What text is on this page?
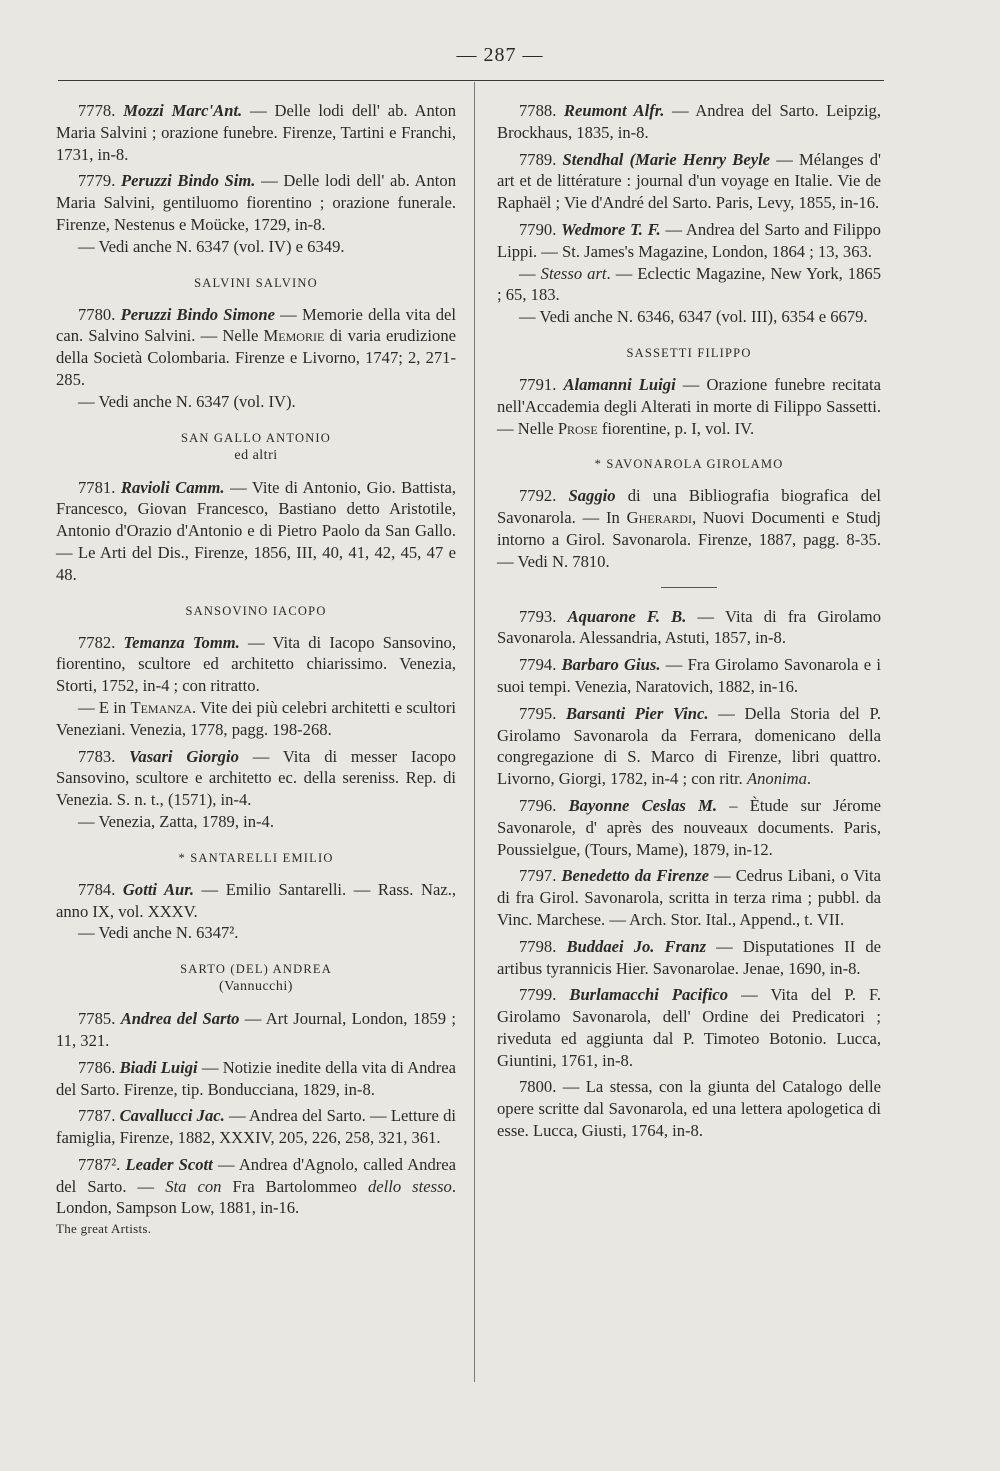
— 287 —

7778. Mozzi Marc'Ant. — Delle lodi dell' ab. Anton Maria Salvini ; orazione funebre. Firenze, Tartini e Franchi, 1731, in-8.

7779. Peruzzi Bindo Sim. — Delle lodi dell' ab. Anton Maria Salvini, gentiluomo fiorentino ; orazione funerale. Firenze, Nestenus e Moücke, 1729, in-8.

— Vedi anche N. 6347 (vol. IV) e 6349.

SALVINI SALVINO

7780. Peruzzi Bindo Simone — Memorie della vita del can. Salvino Salvini. — Nelle Memorie di varia erudizione della Società Colombaria. Firenze e Livorno, 1747; 2, 271-285.

— Vedi anche N. 6347 (vol. IV).

SAN GALLO ANTONIO
ed altri

7781. Ravioli Camm. — Vite di Antonio, Gio. Battista, Francesco, Giovan Francesco, Bastiano detto Aristotile, Antonio d'Orazio d'Antonio e di Pietro Paolo da San Gallo. — Le Arti del Dis., Firenze, 1856, III, 40, 41, 42, 45, 47 e 48.

SANSOVINO IACOPO

7782. Temanza Tomm. — Vita di Iacopo Sansovino, fiorentino, scultore ed architetto chiarissimo. Venezia, Storti, 1752, in-4 ; con ritratto.

— E in Temanza. Vite dei più celebri architetti e scultori Veneziani. Venezia, 1778, pagg. 198-268.

7783. Vasari Giorgio — Vita di messer Iacopo Sansovino, scultore e architetto ec. della sereniss. Rep. di Venezia. S. n. t., (1571), in-4.

— Venezia, Zatta, 1789, in-4.

* SANTARELLI EMILIO

7784. Gotti Aur. — Emilio Santarelli. — Rass. Naz., anno IX, vol. XXXV.

— Vedi anche N. 6347².

SARTO (DEL) ANDREA
(Vannucchi)

7785. Andrea del Sarto — Art Journal, London, 1859 ; 11, 321.

7786. Biadi Luigi — Notizie inedite della vita di Andrea del Sarto. Firenze, tip. Bonducciana, 1829, in-8.

7787. Cavallucci Jac. — Andrea del Sarto. — Letture di famiglia, Firenze, 1882, XXXIV, 205, 226, 258, 321, 361.

7787². Leader Scott — Andrea d'Agnolo, called Andrea del Sarto. — Sta con Fra Bartolommeo dello stesso. London, Sampson Low, 1881, in-16.

The great Artists.

7788. Reumont Alfr. — Andrea del Sarto. Leipzig, Brockhaus, 1835, in-8.

7789. Stendhal (Marie Henry Beyle — Mélanges d' art et de littérature : journal d'un voyage en Italie. Vie de Raphaël ; Vie d'André del Sarto. Paris, Levy, 1855, in-16.

7790. Wedmore T. F. — Andrea del Sarto and Filippo Lippi. — St. James's Magazine, London, 1864 ; 13, 363.

— Stesso art. — Eclectic Magazine, New York, 1865 ; 65, 183.

— Vedi anche N. 6346, 6347 (vol. III), 6354 e 6679.

SASSETTI FILIPPO

7791. Alamanni Luigi — Orazione funebre recitata nell'Accademia degli Alterati in morte di Filippo Sassetti. — Nelle Prose fiorentine, p. I, vol. IV.

* SAVONAROLA GIROLAMO

7792. Saggio di una Bibliografia biografica del Savonarola. — In Gherardi, Nuovi Documenti e Studj intorno a Girol. Savonarola. Firenze, 1887, pagg. 8-35. — Vedi N. 7810.

7793. Aquarone F. B. — Vita di fra Girolamo Savonarola. Alessandria, Astuti, 1857, in-8.

7794. Barbaro Gius. — Fra Girolamo Savonarola e i suoi tempi. Venezia, Naratovich, 1882, in-16.

7795. Barsanti Pier Vinc. — Della Storia del P. Girolamo Savonarola da Ferrara, domenicano della congregazione di S. Marco di Firenze, libri quattro. Livorno, Giorgi, 1782, in-4 ; con ritr. Anonima.

7796. Bayonne Ceslas M. – Ètude sur Jérome Savonarole, d' après des nouveaux documents. Paris, Poussielgue, (Tours, Mame), 1879, in-12.

7797. Benedetto da Firenze — Cedrus Libani, o Vita di fra Girol. Savonarola, scritta in terza rima ; pubbl. da Vinc. Marchese. — Arch. Stor. Ital., Append., t. VII.

7798. Buddaei Jo. Franz — Disputationes II de artibus tyrannicis Hier. Savonarolae. Jenae, 1690, in-8.

7799. Burlamacchi Pacifico — Vita del P. F. Girolamo Savonarola, dell' Ordine dei Predicatori ; riveduta ed aggiunta dal P. Timoteo Botonio. Lucca, Giuntini, 1761, in-8.

7800. — La stessa, con la giunta del Catalogo delle opere scritte dal Savonarola, ed una lettera apologetica di esse. Lucca, Giusti, 1764, in-8.
